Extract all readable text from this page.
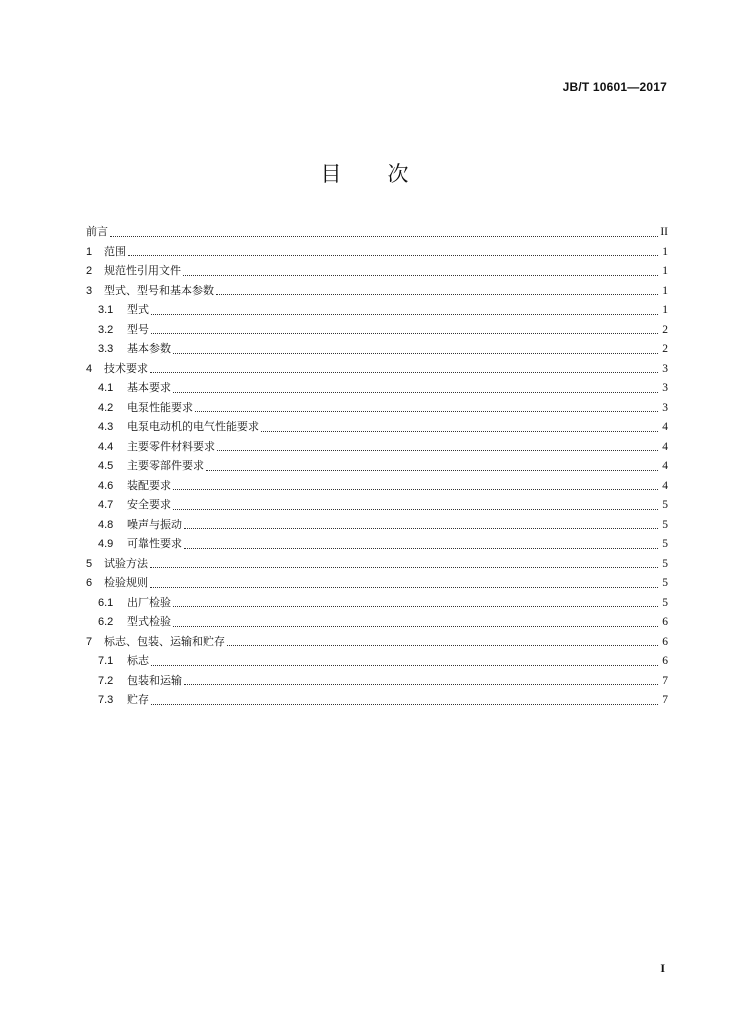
JB/T 10601—2017
目 次
前言	II
1	范围	1
2	规范性引用文件	1
3	型式、型号和基本参数	1
3.1	型式	1
3.2	型号	2
3.3	基本参数	2
4	技术要求	3
4.1	基本要求	3
4.2	电泵性能要求	3
4.3	电泵电动机的电气性能要求	4
4.4	主要零件材料要求	4
4.5	主要零部件要求	4
4.6	装配要求	4
4.7	安全要求	5
4.8	噪声与振动	5
4.9	可靠性要求	5
5	试验方法	5
6	检验规则	5
6.1	出厂检验	5
6.2	型式检验	6
7	标志、包装、运输和贮存	6
7.1	标志	6
7.2	包装和运输	7
7.3	贮存	7
I
